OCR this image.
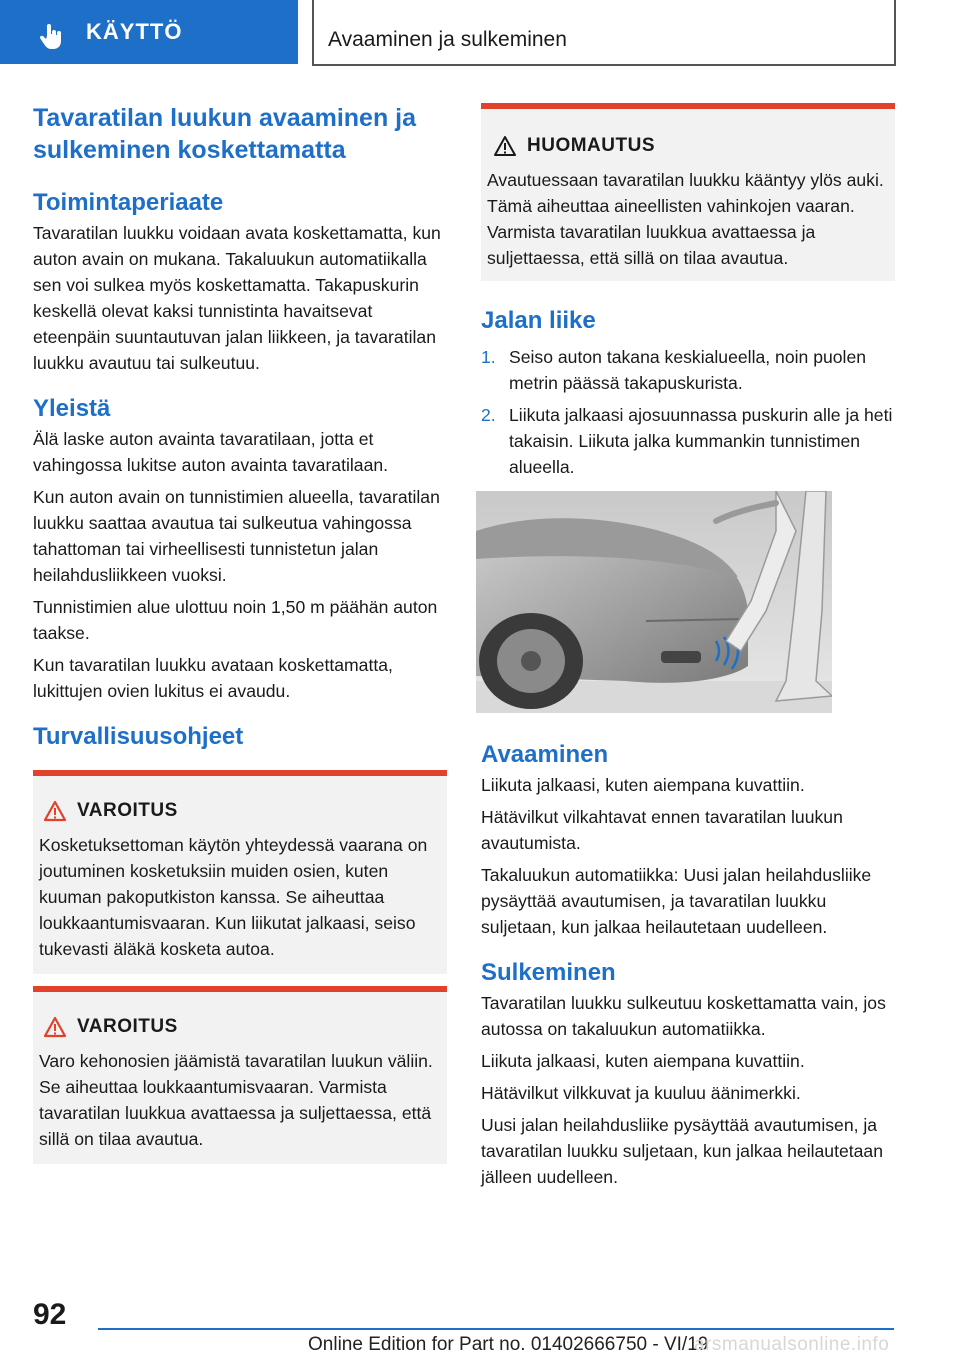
KÄYTTÖ	Avaaminen ja sulkeminen
Tavaratilan luukun avaaminen ja sulkeminen koskettamatta
Toimintaperiaate

Tavaratilan luukku voidaan avata koskettamatta, kun auton avain on mukana. Takaluukun automatiikalla sen voi sulkea myös koskettamatta. Takapuskurin keskellä olevat kaksi tunnistinta havaitsevat eteenpäin suuntautuvan jalan liikkeen, ja tavaratilan luukku avautuu tai sulkeutuu.

Yleistä

Älä laske auton avainta tavaratilaan, jotta et vahingossa lukitse auton avainta tavaratilaan.

Kun auton avain on tunnistimien alueella, tavaratilan luukku saattaa avautua tai sulkeutua vahingossa tahattoman tai virheellisesti tunnistetun jalan heilahdusliikkeen vuoksi.

Tunnistimien alue ulottuu noin 1,50 m päähän auton taakse.

Kun tavaratilan luukku avataan koskettamatta, lukittujen ovien lukitus ei avaudu.

Turvallisuusohjeet
VAROITUS
Kosketuksettoman käytön yhteydessä vaarana on joutuminen kosketuksiin muiden osien, kuten kuuman pakoputkiston kanssa. Se aiheuttaa loukkaantumisvaaran. Kun liikutat jalkaasi, seiso tukevasti äläkä kosketa autoa.
VAROITUS
Varo kehonosien jäämistä tavaratilan luukun väliin. Se aiheuttaa loukkaantumisvaaran. Varmista tavaratilan luukkua avattaessa ja suljettaessa, että sillä on tilaa avautua.
HUOMAUTUS
Avautuessaan tavaratilan luukku kääntyy ylös auki. Tämä aiheuttaa aineellisten vahinkojen vaaran. Varmista tavaratilan luukkua avattaessa ja suljettaessa, että sillä on tilaa avautua.
Jalan liike
1. Seiso auton takana keskialueella, noin puolen metrin päässä takapuskurista.
2. Liikuta jalkaasi ajosuunnassa puskurin alle ja heti takaisin. Liikuta jalka kummankin tunnistimen alueella.
Avaaminen

Liikuta jalkaasi, kuten aiempana kuvattiin.

Hätävilkut vilkahtavat ennen tavaratilan luukun avautumista.

Takaluukun automatiikka: Uusi jalan heilahdusliike pysäyttää avautumisen, ja tavaratilan luukku suljetaan, kun jalkaa heilautetaan uudelleen.

Sulkeminen

Tavaratilan luukku sulkeutuu koskettamatta vain, jos autossa on takaluukun automatiikka.

Liikuta jalkaasi, kuten aiempana kuvattiin.

Hätävilkut vilkkuvat ja kuuluu äänimerkki.

Uusi jalan heilahdusliike pysäyttää avautumisen, ja tavaratilan luukku suljetaan, kun jalkaa heilautetaan jälleen uudelleen.

92
Online Edition for Part no. 01402666750 - VI/19
arsmanualsonline.info
